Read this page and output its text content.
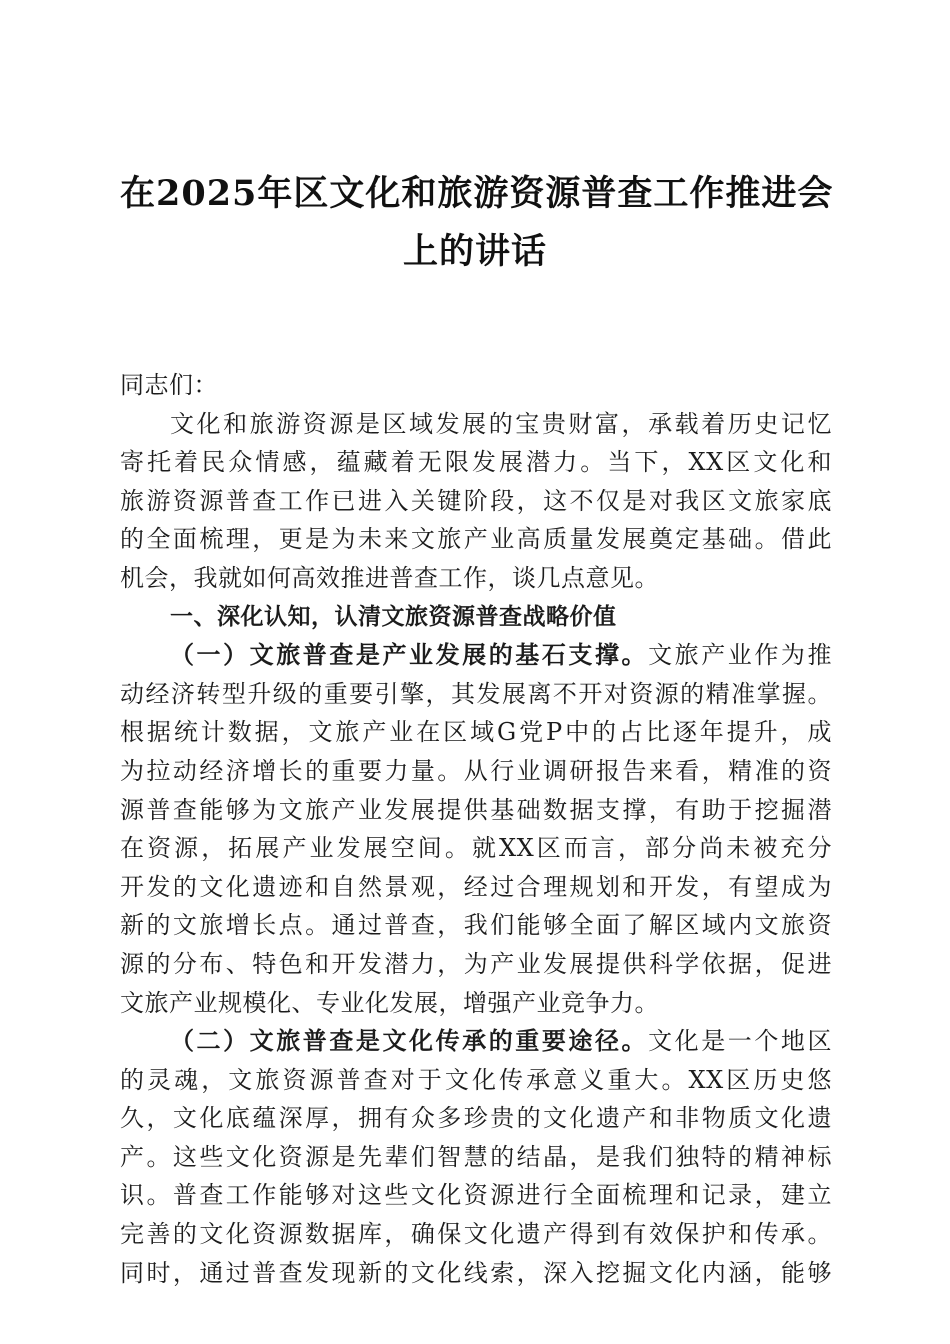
在2025年区文化和旅游资源普查工作推进会
上的讲话
同志们：
文化和旅游资源是区域发展的宝贵财富，承载着历史记忆
寄托着民众情感，蕴藏着无限发展潜力。当下，XX区文化和
旅游资源普查工作已进入关键阶段，这不仅是对我区文旅家底
的全面梳理，更是为未来文旅产业高质量发展奠定基础。借此
机会，我就如何高效推进普查工作，谈几点意见。
一、深化认知，认清文旅资源普查战略价值
（一）文旅普查是产业发展的基石支撑。文旅产业作为推
动经济转型升级的重要引擎，其发展离不开对资源的精准掌握。
根据统计数据，文旅产业在区域G党P中的占比逐年提升，成
为拉动经济增长的重要力量。从行业调研报告来看，精准的资
源普查能够为文旅产业发展提供基础数据支撑，有助于挖掘潜
在资源，拓展产业发展空间。就XX区而言，部分尚未被充分
开发的文化遗迹和自然景观，经过合理规划和开发，有望成为
新的文旅增长点。通过普查，我们能够全面了解区域内文旅资
源的分布、特色和开发潜力，为产业发展提供科学依据，促进
文旅产业规模化、专业化发展，增强产业竞争力。
（二）文旅普查是文化传承的重要途径。文化是一个地区
的灵魂，文旅资源普查对于文化传承意义重大。XX区历史悠
久，文化底蕴深厚，拥有众多珍贵的文化遗产和非物质文化遗
产。这些文化资源是先辈们智慧的结晶，是我们独特的精神标
识。普查工作能够对这些文化资源进行全面梳理和记录，建立
完善的文化资源数据库，确保文化遗产得到有效保护和传承。
同时，通过普查发现新的文化线索，深入挖掘文化内涵，能够
